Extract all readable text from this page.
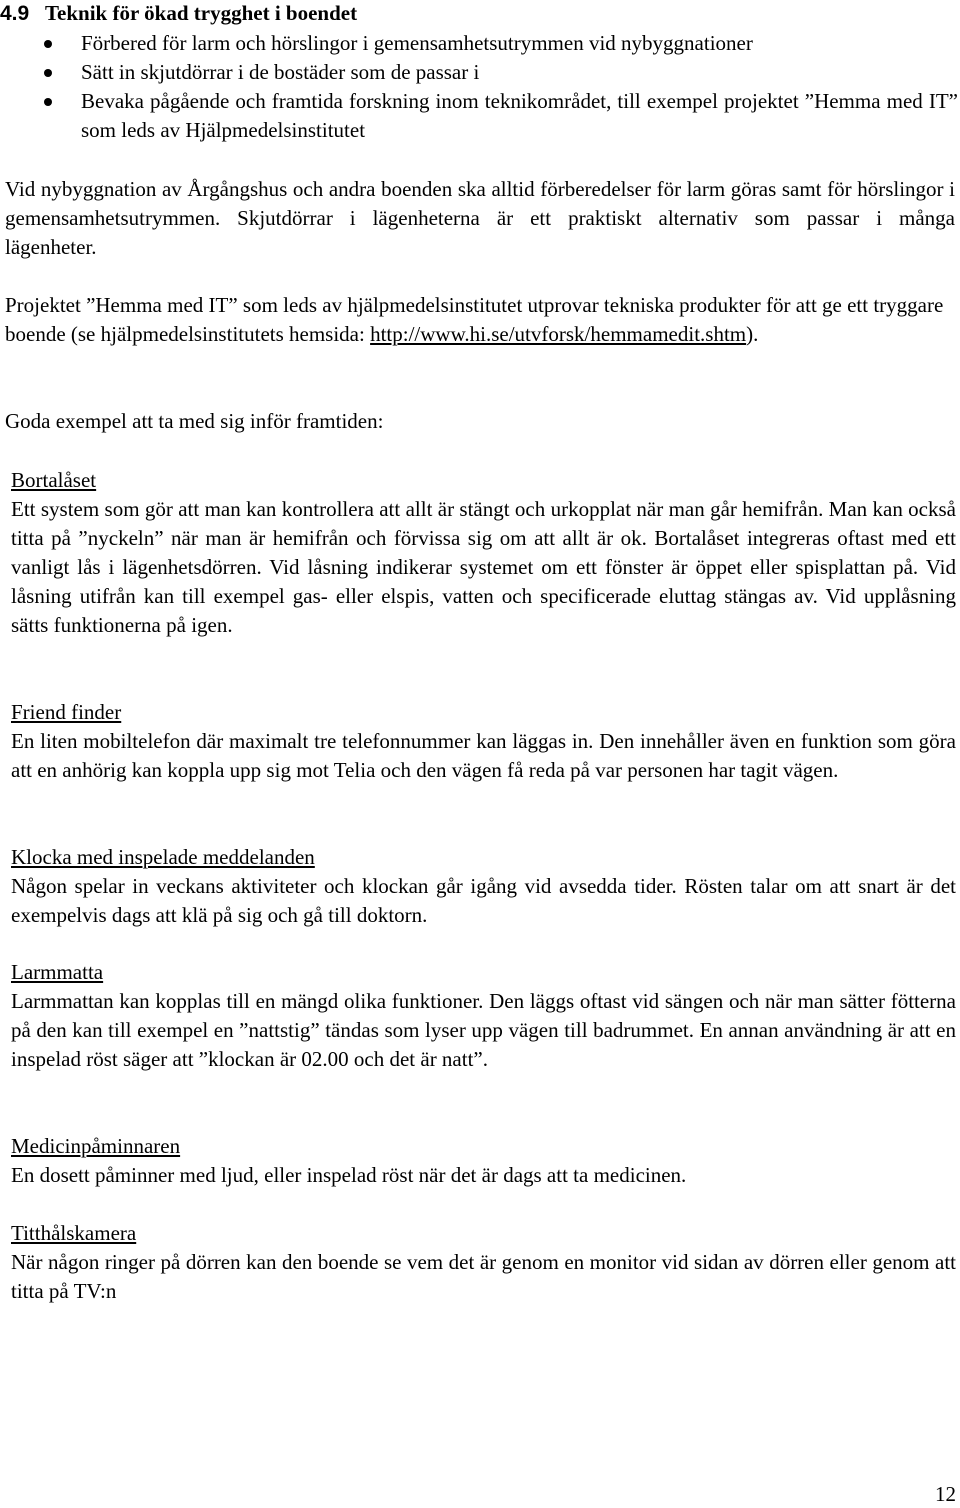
4.9 Teknik för ökad trygghet i boendet
Förbered för larm och hörslingor i gemensamhetsutrymmen vid nybyggnationer
Sätt in skjutdörrar i de bostäder som de passar i
Bevaka pågående och framtida forskning inom teknikområdet, till exempel projektet ”Hemma med IT” som leds av Hjälpmedelsinstitutet

Vid nybyggnation av Årgångshus och andra boenden ska alltid förberedelser för larm göras samt för hörslingor i gemensamhetsutrymmen. Skjutdörrar i lägenheterna är ett praktiskt alternativ som passar i många lägenheter.

Projektet ”Hemma med IT” som leds av hjälpmedelsinstitutet utprovar tekniska produkter för att ge ett tryggare boende (se hjälpmedelsinstitutets hemsida: http://www.hi.se/utvforsk/hemmamedit.shtm).

Goda exempel att ta med sig inför framtiden:

Bortalåset
Ett system som gör att man kan kontrollera att allt är stängt och urkopplat när man går hemifrån. Man kan också titta på ”nyckeln” när man är hemifrån och förvissa sig om att allt är ok. Bortalåset integreras oftast med ett vanligt lås i lägenhetsdörren. Vid låsning indikerar systemet om ett fönster är öppet eller spisplattan på. Vid låsning utifrån kan till exempel gas- eller elspis, vatten och specificerade eluttag stängas av. Vid upplåsning sätts funktionerna på igen.
Friend finder
En liten mobiltelefon där maximalt tre telefonnummer kan läggas in. Den innehåller även en funktion som göra att en anhörig kan koppla upp sig mot Telia och den vägen få reda på var personen har tagit vägen.
Klocka med inspelade meddelanden
Någon spelar in veckans aktiviteter och klockan går igång vid avsedda tider. Rösten talar om att snart är det exempelvis dags att klä på sig och gå till doktorn.
Larmmatta
Larmmattan kan kopplas till en mängd olika funktioner. Den läggs oftast vid sängen och när man sätter fötterna på den kan till exempel en ”nattstig” tändas som lyser upp vägen till badrummet. En annan användning är att en inspelad röst säger att ”klockan är 02.00 och det är natt”.
Medicinpåminnaren
En dosett påminner med ljud, eller inspelad röst när det är dags att ta medicinen.
Titthålskamera
När någon ringer på dörren kan den boende se vem det är genom en monitor vid sidan av dörren eller genom att titta på TV:n
12
